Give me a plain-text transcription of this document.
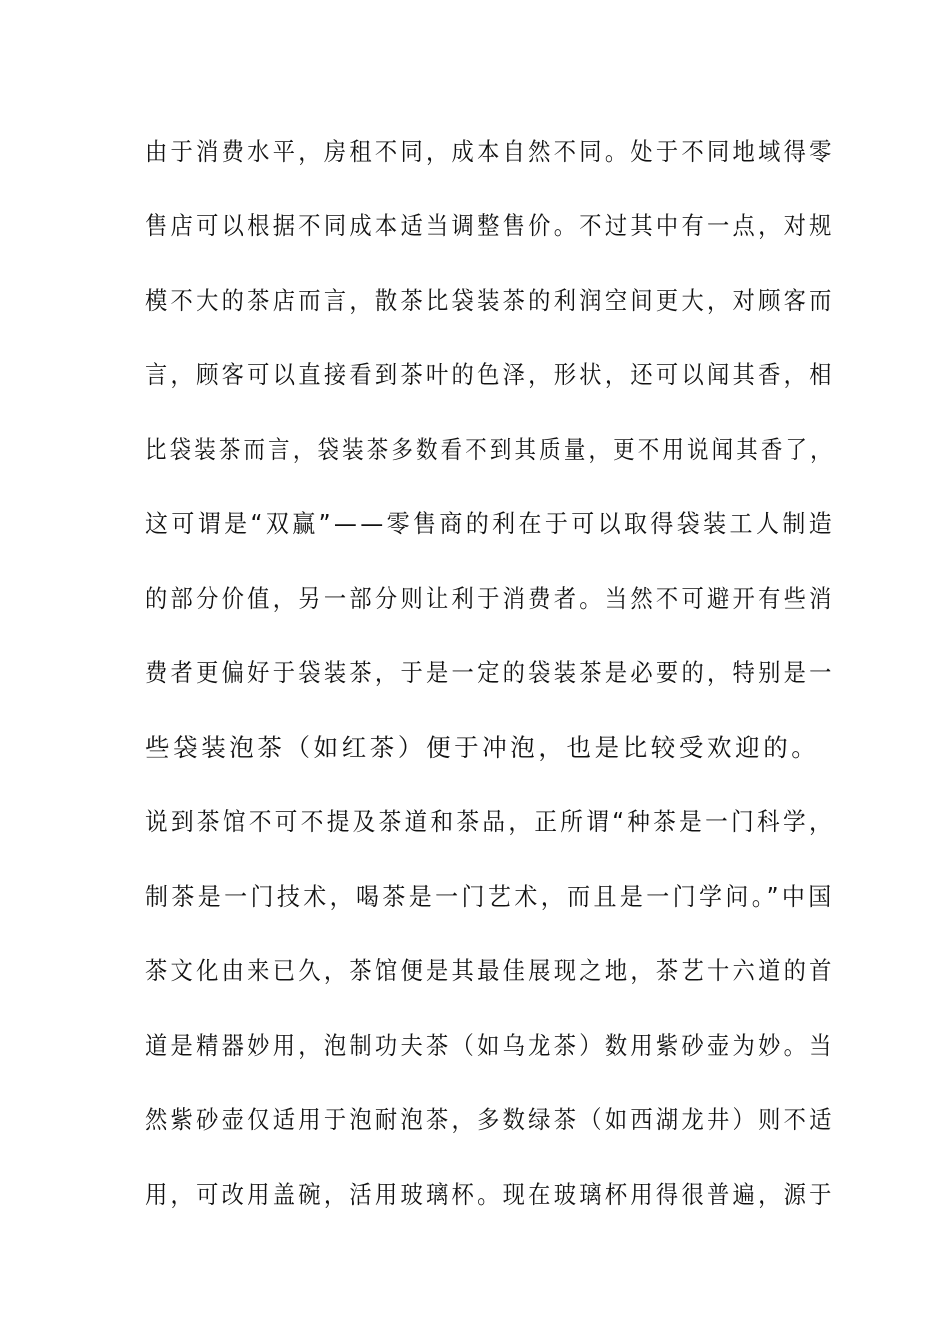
由于消费水平，房租不同，成本自然不同。处于不同地域得零
售店可以根据不同成本适当调整售价。不过其中有一点，对规
模不大的茶店而言，散茶比袋装茶的利润空间更大，对顾客而
言，顾客可以直接看到茶叶的色泽，形状，还可以闻其香，相
比袋装茶而言，袋装茶多数看不到其质量，更不用说闻其香了，
这可谓是“双赢”——零售商的利在于可以取得袋装工人制造
的部分价值，另一部分则让利于消费者。当然不可避开有些消
费者更偏好于袋装茶，于是一定的袋装茶是必要的，特别是一
些袋装泡茶（如红茶）便于冲泡，也是比较受欢迎的。
说到茶馆不可不提及茶道和茶品，正所谓“种茶是一门科学，
制茶是一门技术，喝茶是一门艺术，而且是一门学问。”中国
茶文化由来已久，茶馆便是其最佳展现之地，茶艺十六道的首
道是精器妙用，泡制功夫茶（如乌龙茶）数用紫砂壶为妙。当
然紫砂壶仅适用于泡耐泡茶，多数绿茶（如西湖龙井）则不适
用，可改用盖碗，活用玻璃杯。现在玻璃杯用得很普遍，源于
